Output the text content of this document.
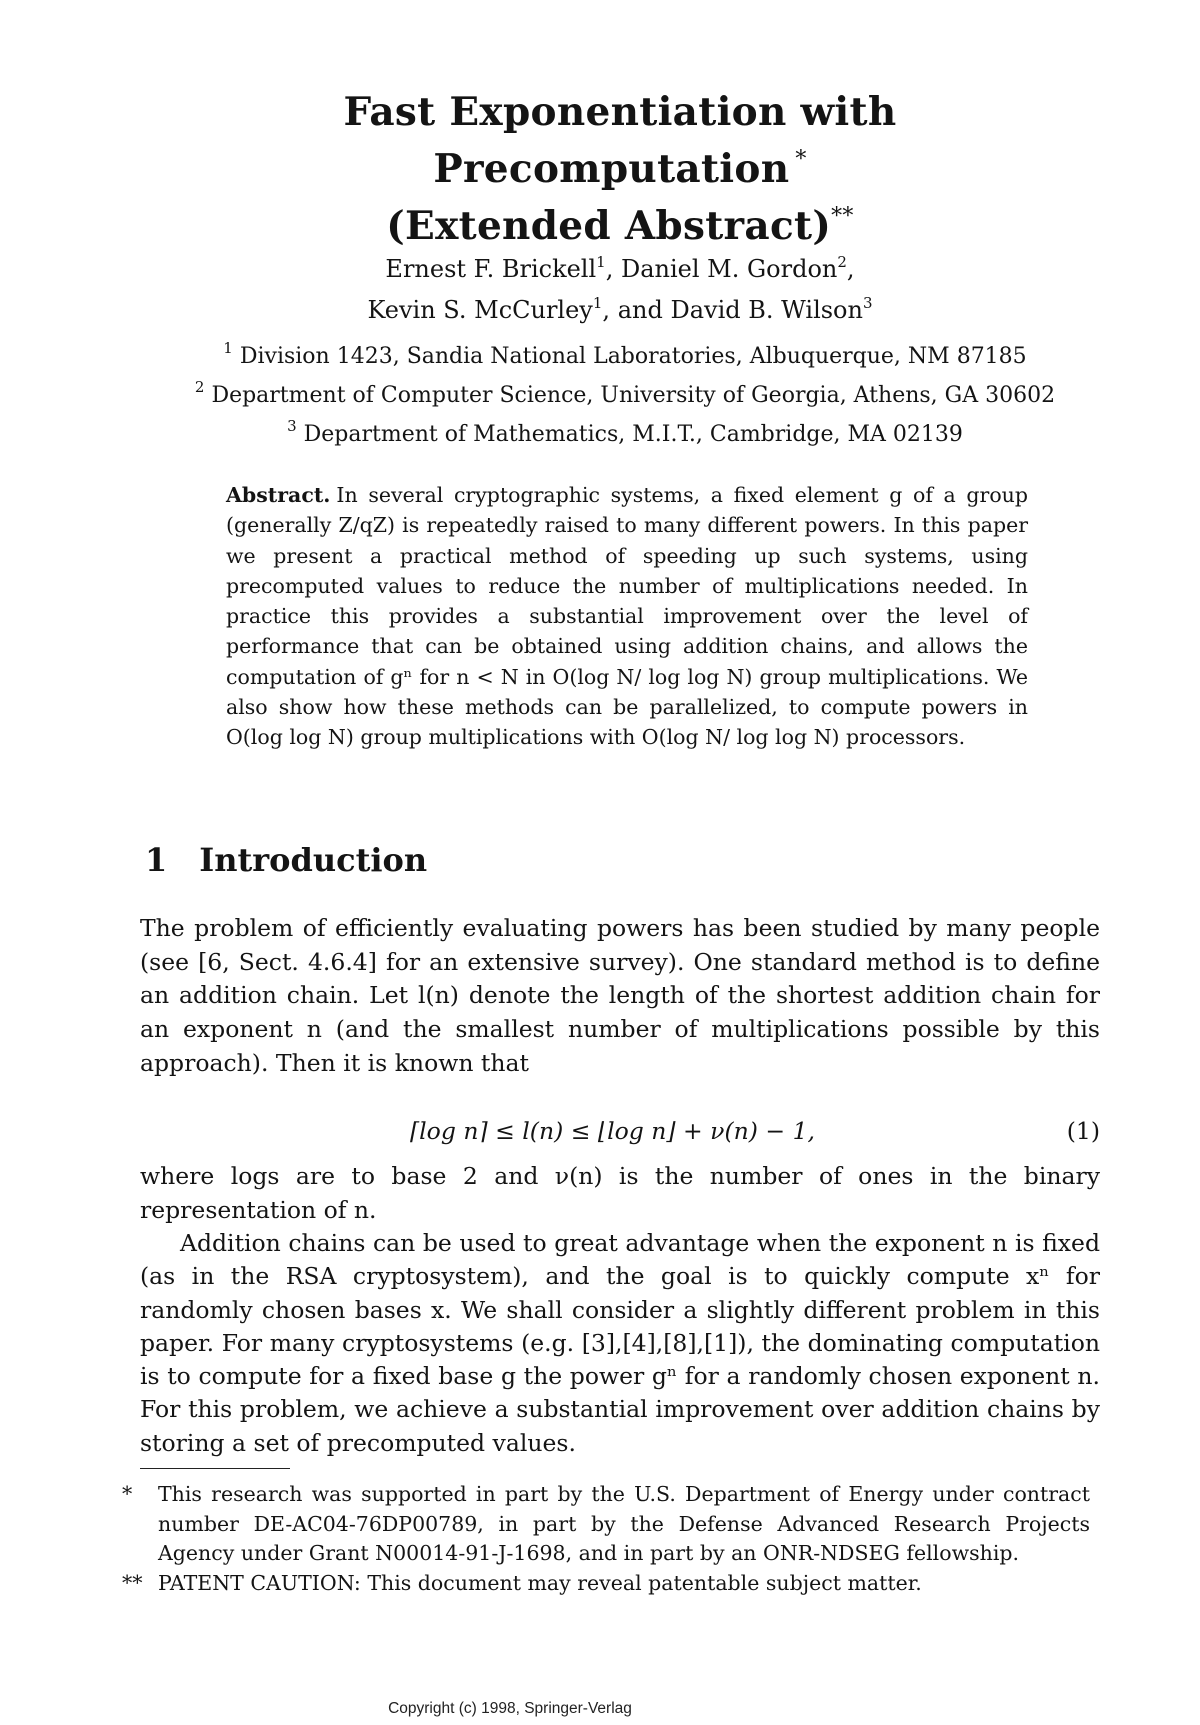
Fast Exponentiation with Precomputation *
(Extended Abstract)**
Ernest F. Brickell$^1$, Daniel M. Gordon$^2$,
Kevin S. McCurley$^1$, and David B. Wilson$^3$
$^1$ Division 1423, Sandia National Laboratories, Albuquerque, NM 87185
$^2$ Department of Computer Science, University of Georgia, Athens, GA 30602
$^3$ Department of Mathematics, M.I.T., Cambridge, MA 02139
Abstract. In several cryptographic systems, a fixed element g of a group (generally Z/qZ) is repeatedly raised to many different powers. In this paper we present a practical method of speeding up such systems, using precomputed values to reduce the number of multiplications needed. In practice this provides a substantial improvement over the level of performance that can be obtained using addition chains, and allows the computation of gⁿ for n < N in O(log N/ log log N) group multiplications. We also show how these methods can be parallelized, to compute powers in O(log log N) group multiplications with O(log N/ log log N) processors.
1 Introduction
The problem of efficiently evaluating powers has been studied by many people (see [6, Sect. 4.6.4] for an extensive survey). One standard method is to define an addition chain. Let l(n) denote the length of the shortest addition chain for an exponent n (and the smallest number of multiplications possible by this approach). Then it is known that
⌈log n⌉ ≤ l(n) ≤ ⌊log n⌋ + ν(n) − 1,	(1)
where logs are to base 2 and ν(n) is the number of ones in the binary representation of n.
Addition chains can be used to great advantage when the exponent n is fixed (as in the RSA cryptosystem), and the goal is to quickly compute xⁿ for randomly chosen bases x. We shall consider a slightly different problem in this paper. For many cryptosystems (e.g. [3],[4],[8],[1]), the dominating computation is to compute for a fixed base g the power gⁿ for a randomly chosen exponent n. For this problem, we achieve a substantial improvement over addition chains by storing a set of precomputed values.
*	This research was supported in part by the U.S. Department of Energy under contract number DE-AC04-76DP00789, in part by the Defense Advanced Research Projects Agency under Grant N00014-91-J-1698, and in part by an ONR-NDSEG fellowship.
** PATENT CAUTION: This document may reveal patentable subject matter.
Copyright (c) 1998, Springer-Verlag
